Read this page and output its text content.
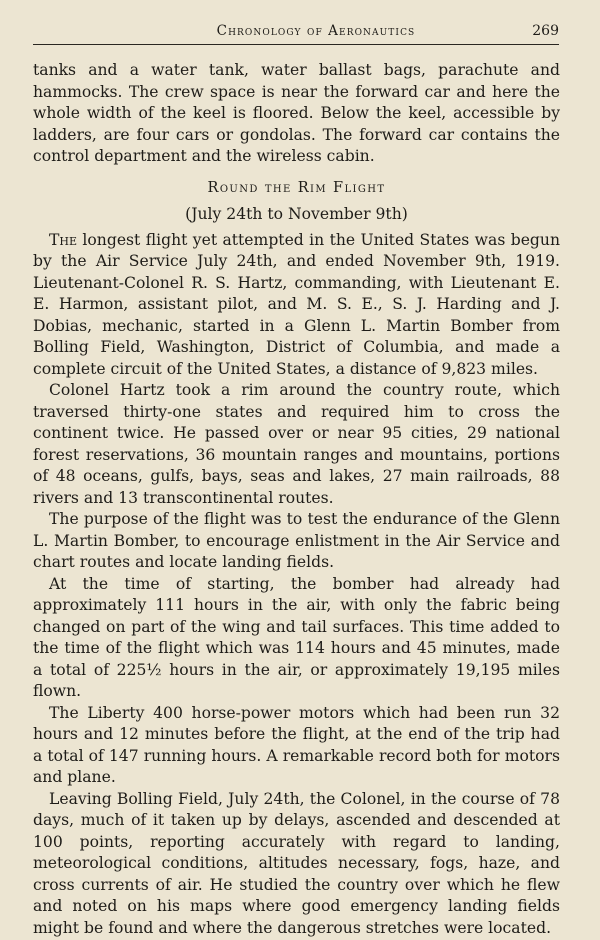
Chronology of Aeronautics	269

tanks and a water tank, water ballast bags, parachute and hammocks. The crew space is near the forward car and here the whole width of the keel is floored. Below the keel, accessible by ladders, are four cars or gondolas. The forward car contains the control department and the wireless cabin.

Round the Rim Flight
(July 24th to November 9th)

The longest flight yet attempted in the United States was begun by the Air Service July 24th, and ended November 9th, 1919. Lieutenant-Colonel R. S. Hartz, commanding, with Lieutenant E. E. Harmon, assistant pilot, and M. S. E., S. J. Harding and J. Dobias, mechanic, started in a Glenn L. Martin Bomber from Bolling Field, Washington, District of Columbia, and made a complete circuit of the United States, a distance of 9,823 miles.

Colonel Hartz took a rim around the country route, which traversed thirty-one states and required him to cross the continent twice. He passed over or near 95 cities, 29 national forest reservations, 36 mountain ranges and mountains, portions of 48 oceans, gulfs, bays, seas and lakes, 27 main railroads, 88 rivers and 13 transcontinental routes.

The purpose of the flight was to test the endurance of the Glenn L. Martin Bomber, to encourage enlistment in the Air Service and chart routes and locate landing fields.

At the time of starting, the bomber had already had approximately 111 hours in the air, with only the fabric being changed on part of the wing and tail surfaces. This time added to the time of the flight which was 114 hours and 45 minutes, made a total of 225½ hours in the air, or approximately 19,195 miles flown.

The Liberty 400 horse-power motors which had been run 32 hours and 12 minutes before the flight, at the end of the trip had a total of 147 running hours. A remarkable record both for motors and plane.

Leaving Bolling Field, July 24th, the Colonel, in the course of 78 days, much of it taken up by delays, ascended and descended at 100 points, reporting accurately with regard to landing, meteorological conditions, altitudes necessary, fogs, haze, and cross currents of air. He studied the country over which he flew and noted on his maps where good emergency landing fields might be found and where the dangerous stretches were located.
